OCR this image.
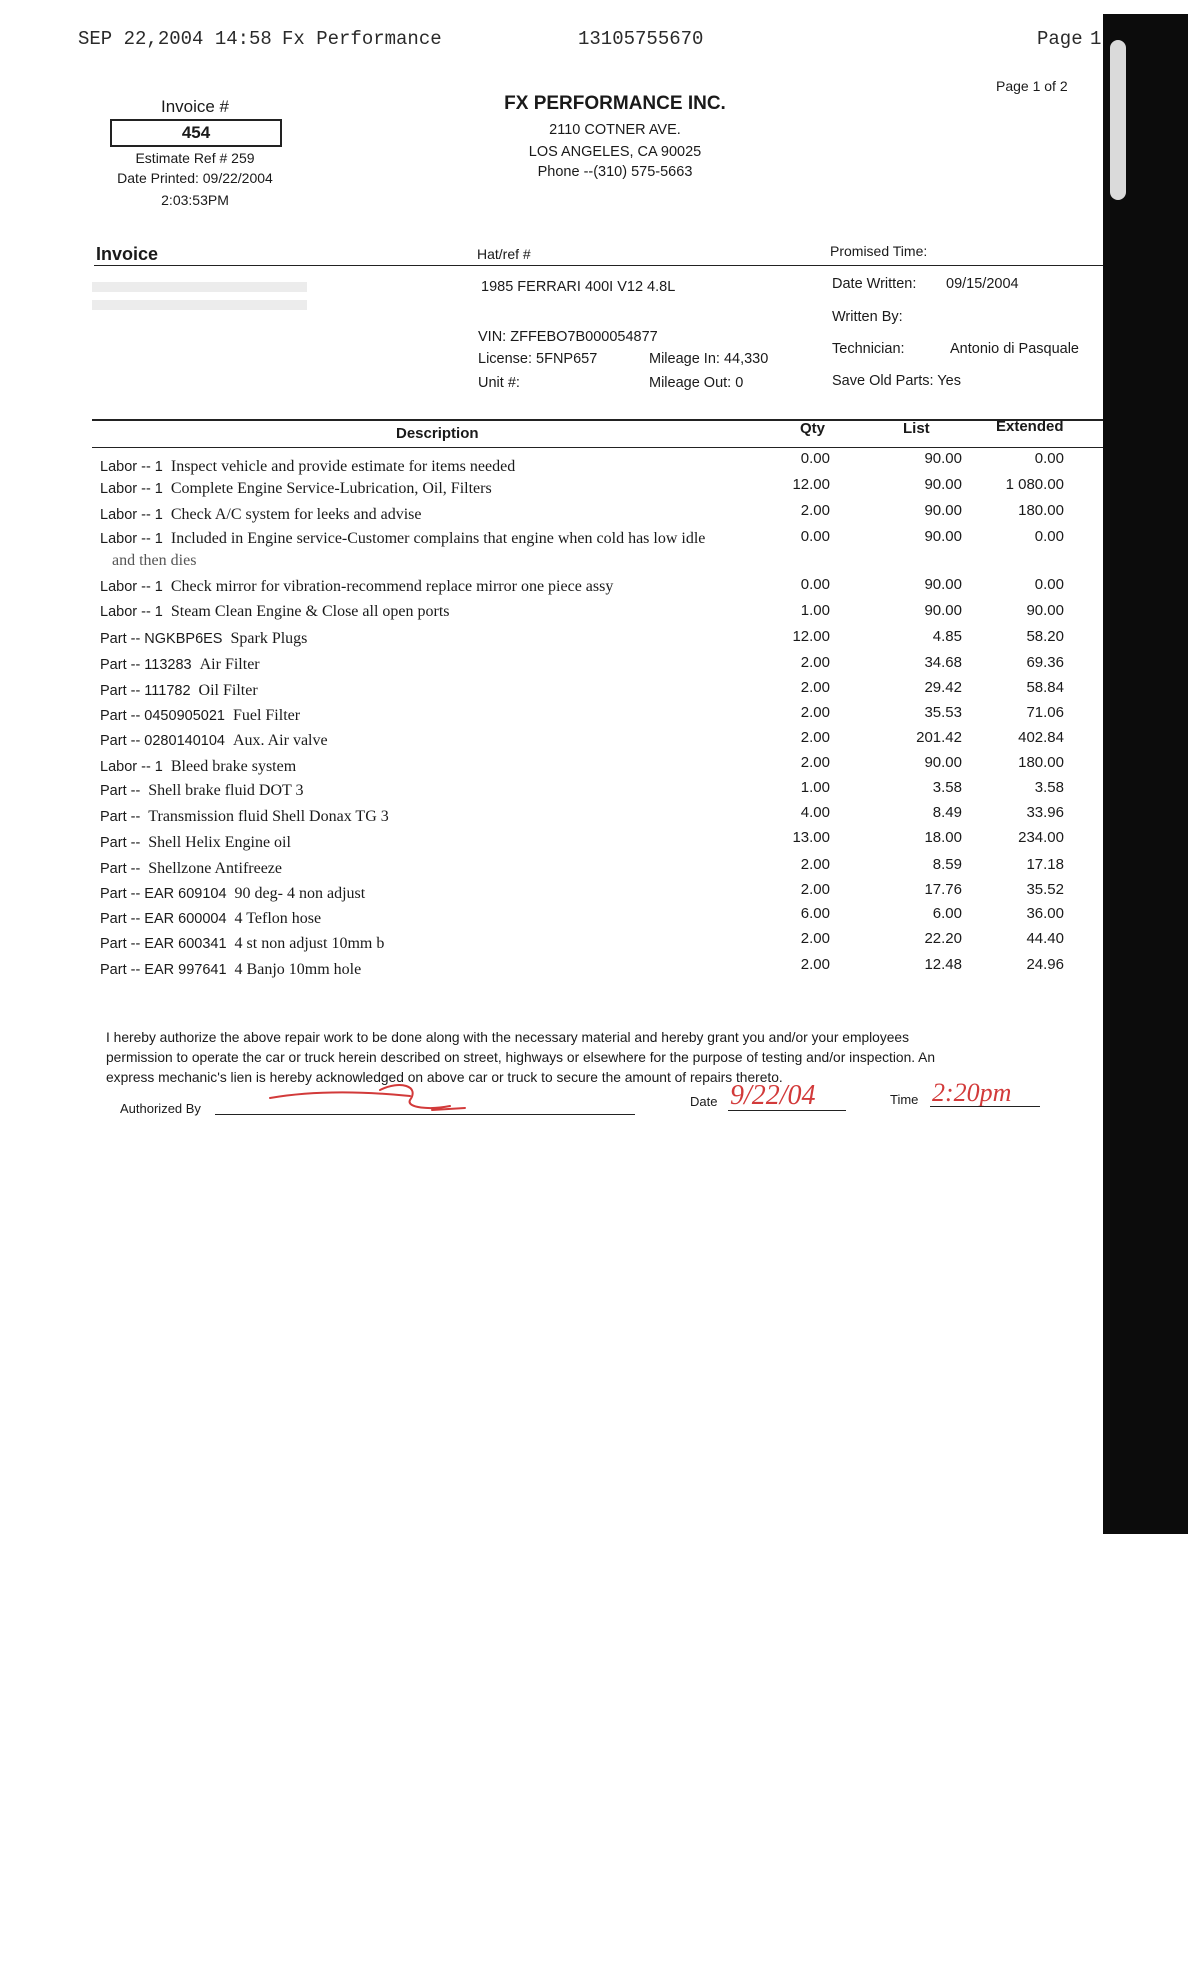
SEP 22,2004 14:58 Fx Performance	13105755670	Page 1
Invoice #
454
Estimate Ref # 259
Date Printed: 09/22/2004
2:03:53PM
FX PERFORMANCE INC.
2110 COTNER AVE.
LOS ANGELES, CA 90025
Phone --(310) 575-5663
Page 1 of 2
Invoice	Hat/ref #	Promised Time:
1985 FERRARI 400I V12 4.8L
VIN: ZFFEBO7B000054877
License: 5FNP657
Unit #:
Mileage In: 44,330
Mileage Out: 0
Date Written: 09/15/2004
Written By:
Technician:	Antonio di Pasquale
Save Old Parts: Yes
Description	Qty	List	Extended
Labor -- 1 Inspect vehicle and provide estimate for items needed	0.00	90.00	0.00
Labor -- 1 Complete Engine Service-Lubrication, Oil, Filters	12.00	90.00	1 080.00
Labor -- 1 Check A/C system for leeks and advise	2.00	90.00	180.00
Labor -- 1 Included in Engine service-Customer complains that engine when cold has low idle
and then dies
0.00	90.00	0.00
Labor -- 1 Check mirror for vibration-recommend replace mirror one piece assy	0.00	90.00	0.00
Labor -- 1 Steam Clean Engine & Close all open ports	1.00	90.00	90.00
Part -- NGKBP6ES Spark Plugs	12.00	4.85	58.20
Part -- 113283 Air Filter	2.00	34.68	69.36
Part -- 111782 Oil Filter	2.00	29.42	58.84
Part -- 0450905021 Fuel Filter	2.00	35.53	71.06
Part -- 0280140104 Aux. Air valve	2.00	201.42	402.84
Labor -- 1 Bleed brake system	2.00	90.00	180.00
Part -- Shell brake fluid DOT 3	1.00	3.58	3.58
Part -- Transmission fluid Shell Donax TG 3	4.00	8.49	33.96
Part -- Shell Helix Engine oil	13.00	18.00	234.00
Part -- Shellzone Antifreeze	2.00	8.59	17.18
Part -- EAR 609104 90 deg- 4 non adjust	2.00	17.76	35.52
Part -- EAR 600004 4 Teflon hose	6.00	6.00	36.00
Part -- EAR 600341 4 st non adjust 10mm b	2.00	22.20	44.40
Part -- EAR 997641 4 Banjo 10mm hole	2.00	12.48	24.96
I hereby authorize the above repair work to be done along with the necessary material and hereby grant you and/or your employees
permission to operate the car or truck herein described on street, highways or elsewhere for the purpose of testing and/or inspection. An
express mechanic's lien is hereby acknowledged on above car or truck to secure the amount of repairs thereto.
Authorized By	Date 9/22/04	Time 2:20pm
